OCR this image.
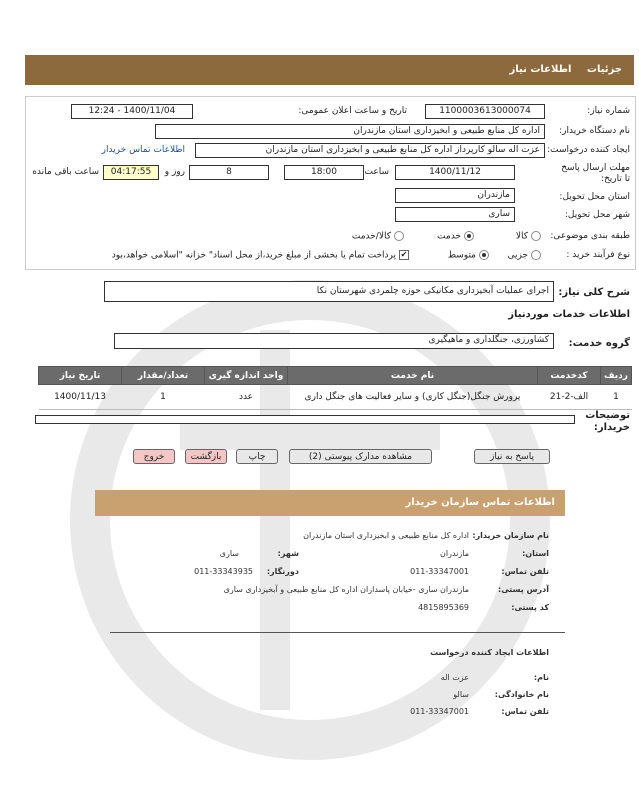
جزئیات اطلاعات نیاز
شماره نیاز:
1100003613000074
تاریخ و ساعت اعلان عمومی:
1400/11/04 - 12:24
نام دستگاه خریدار:
اداره کل منابع طبیعی و ابخیزداری استان مازندران
ایجاد کننده درخواست:
عزت اله سالو کارپرداز اداره کل منابع طبیعی و ابخیزداری استان مازندران
اطلاعات تماس خریدار
مهلت ارسال پاسخ تا تاریخ:
1400/11/12
ساعت
18:00
8
روز و
04:17:55
ساعت باقی مانده
استان محل تحویل:
مازندران
شهر محل تحویل:
ساری
طبقه بندی موضوعی:
کالا
خدمت
کالا/خدمت
نوع فرآیند خرید :
جزیی
متوسط
✔پرداخت تمام یا بخشی از مبلغ خرید،از محل اسناد" خزانه "اسلامی خواهد،بود
شرح کلی نیاز:
اجرای عملیات آبخیزداری مکانیکی حوزه چلمردی شهرستان نکا
اطلاعات خدمات موردنیاز
گروه خدمت:
کشاورزی، جنگلداری و ماهیگیری
ردیف	کدخدمت	نام خدمت	واحد اندازه گیری	تعداد/مقدار	تاریخ نیاز
1	الف-2-21	پرورش جنگل(جنگل کاری) و سایر فعالیت های جنگل داری	عدد	1	1400/11/13
توضیحات خریدار:
پاسخ به نیاز
مشاهده مدارک پیوستی (2)
چاپ
بازگشت
خروج
اطلاعات تماس سازمان خریدار
نام سازمان خریدار:
اداره کل منابع طبیعی و ابخیزداری استان مازندران
استان:
مازندران
شهر:
ساری
تلفن تماس:
011-33347001
دورنگار:
011-33343935
آدرس پستی:
مازندران ساری -خیابان پاسداران اداره کل منابع طبیعی و آبخیزداری ساری
کد پستی:
4815895369
اطلاعات ایجاد کننده درخواست
نام:
عزت اله
نام خانوادگی:
سالو
تلفن تماس:
011-33347001
